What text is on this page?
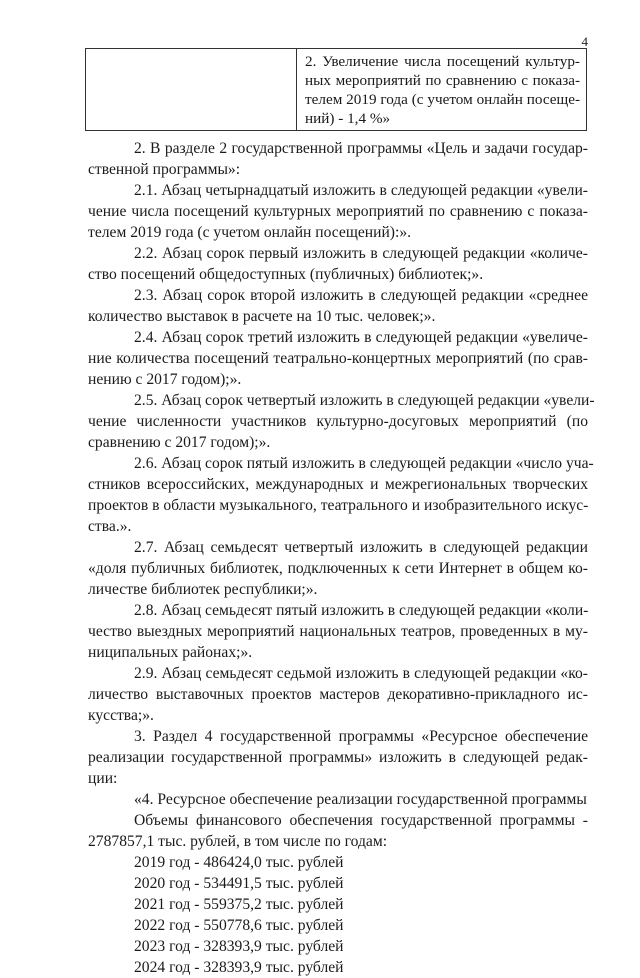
4

2. Увеличение числа посещений культур-
ных мероприятий по сравнению с показа-
телем 2019 года (с учетом онлайн посеще-
ний) - 1,4 %»
2. В разделе 2 государственной программы «Цель и задачи государ-
ственной программы»:
2.1. Абзац четырнадцатый изложить в следующей редакции «увели-
чение числа посещений культурных мероприятий по сравнению с показа-
телем 2019 года (с учетом онлайн посещений):».
2.2. Абзац сорок первый изложить в следующей редакции «количе-
ство посещений общедоступных (публичных) библиотек;».
2.3. Абзац сорок второй изложить в следующей редакции «среднее
количество выставок в расчете на 10 тыс. человек;».
2.4. Абзац сорок третий изложить в следующей редакции «увеличе-
ние количества посещений театрально-концертных мероприятий (по срав-
нению с 2017 годом);».
2.5. Абзац сорок четвертый изложить в следующей редакции «увели-
чение численности участников культурно-досуговых мероприятий (по
сравнению с 2017 годом);».
2.6. Абзац сорок пятый изложить в следующей редакции «число уча-
стников всероссийских, международных и межрегиональных творческих
проектов в области музыкального, театрального и изобразительного искус-
ства.».
2.7. Абзац семьдесят четвертый изложить в следующей редакции
«доля публичных библиотек, подключенных к сети Интернет в общем ко-
личестве библиотек республики;».
2.8. Абзац семьдесят пятый изложить в следующей редакции «коли-
чество выездных мероприятий национальных театров, проведенных в му-
ниципальных районах;».
2.9. Абзац семьдесят седьмой изложить в следующей редакции «ко-
личество выставочных проектов мастеров декоративно-прикладного ис-
кусства;».
3. Раздел 4 государственной программы «Ресурсное обеспечение
реализации государственной программы» изложить в следующей редак-
ции:
«4. Ресурсное обеспечение реализации государственной программы
Объемы финансового обеспечения государственной программы -
2787857,1 тыс. рублей, в том числе по годам:
2019 год - 486424,0 тыс. рублей
2020 год - 534491,5 тыс. рублей
2021 год - 559375,2 тыс. рублей
2022 год - 550778,6 тыс. рублей
2023 год - 328393,9 тыс. рублей
2024 год - 328393,9 тыс. рублей
